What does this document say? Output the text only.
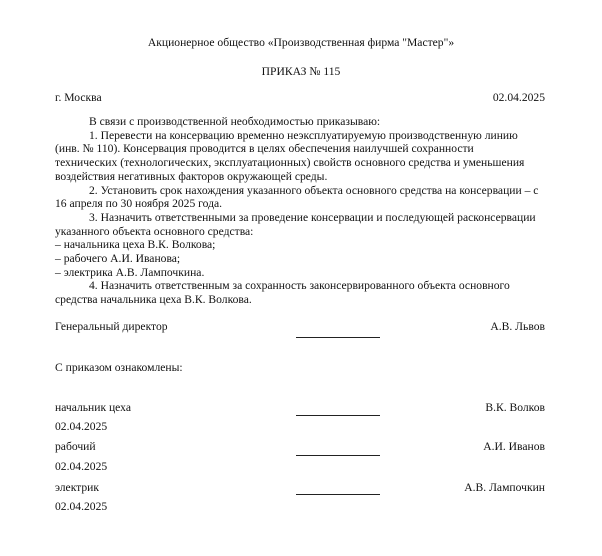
Акционерное общество «Производственная фирма "Мастер"»
ПРИКАЗ № 115
г. Москва	02.04.2025

В связи с производственной необходимостью приказываю:

1. Перевести на консервацию временно неэксплуатируемую производственную линию

(инв. № 110). Консервация проводится в целях обеспечения наилучшей сохранности

технических (технологических, эксплуатационных) свойств основного средства и уменьшения

воздействия негативных факторов окружающей среды.

2. Установить срок нахождения указанного объекта основного средства на консервации – с

16 апреля по 30 ноября 2025 года.

3. Назначить ответственными за проведение консервации и последующей расконсервации

указанного объекта основного средства:

– начальника цеха В.К. Волкова;

– рабочего А.И. Иванова;

– электрика А.В. Лампочкина.

4. Назначить ответственным за сохранность законсервированного объекта основного

средства начальника цеха В.К. Волкова.

Генеральный директор	А.В. Львов
С приказом ознакомлены:
начальник цеха	В.К. Волков
02.04.2025
рабочий	А.И. Иванов
02.04.2025
электрик	А.В. Лампочкин
02.04.2025
